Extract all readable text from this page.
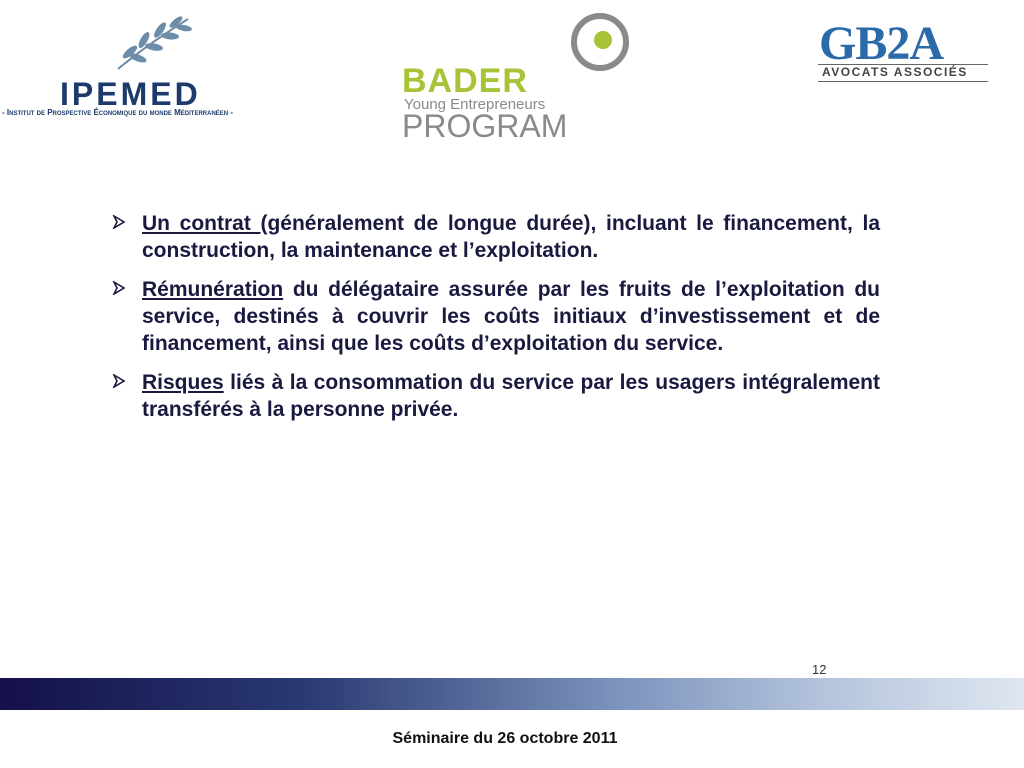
IPEMED
- Institut de Prospective Économique du monde Méditerranéen -
BADER
Young Entrepreneurs
PROGRAM
GB2A
AVOCATS ASSOCIÉS
Un contrat (généralement de longue durée), incluant le financement, la construction, la maintenance et l’exploitation.
Rémunération du délégataire assurée par les fruits de l’exploitation du service, destinés à couvrir les coûts initiaux d’investissement et de financement, ainsi que les coûts d’exploitation du service.
Risques liés à la consommation du service par les usagers intégralement transférés à la personne privée.
12
Séminaire du 26 octobre 2011
